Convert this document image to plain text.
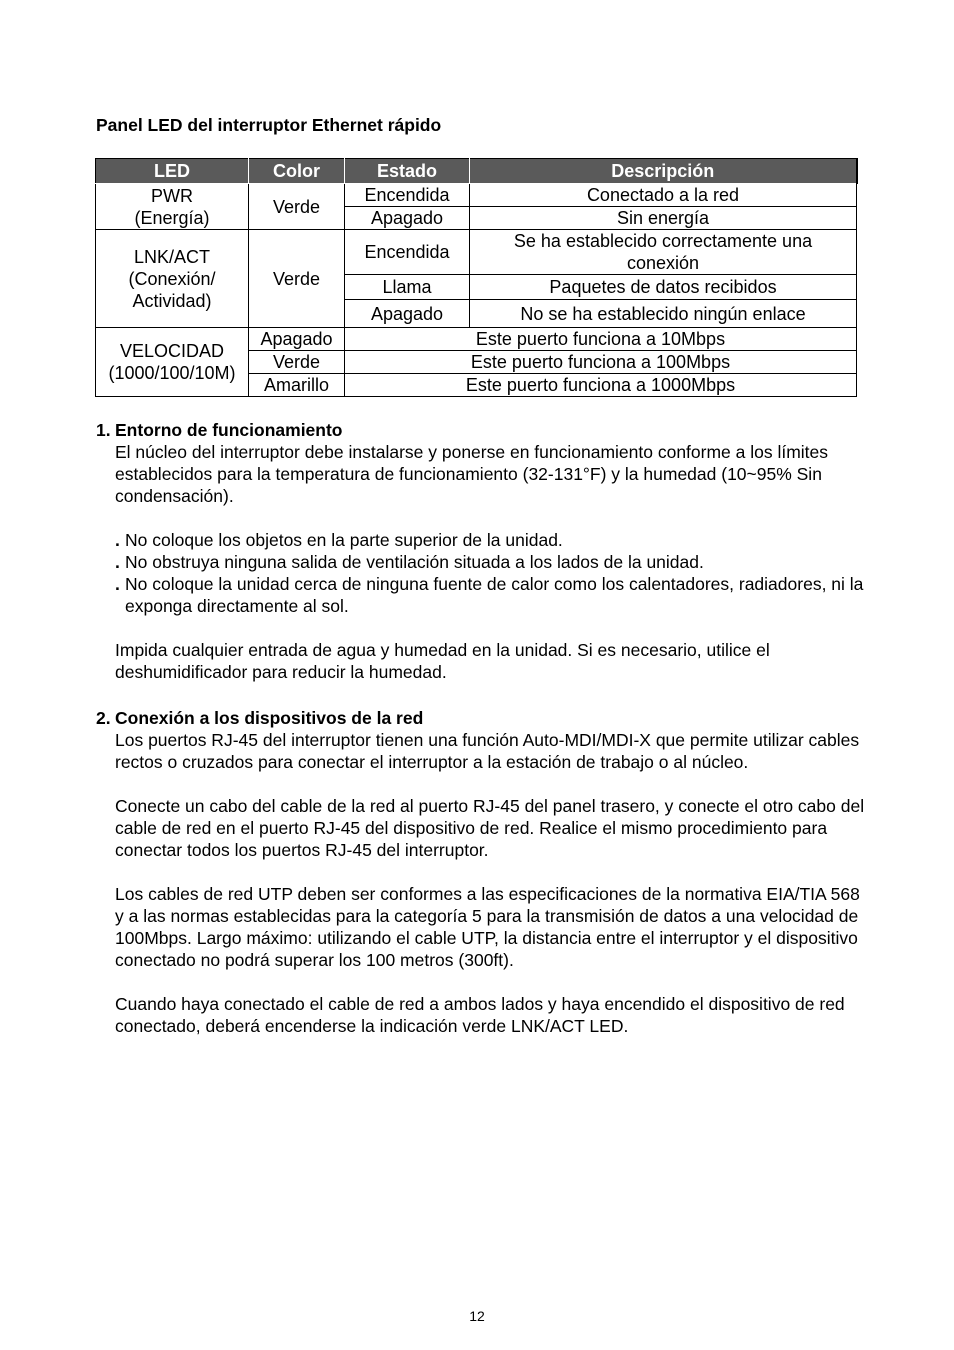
Panel LED del interruptor Ethernet rápido
LED	Color	Estado	Descripción

PWR
(Energía)	Verde	Encendida	Conectado a la red
		Apagado	Sin energía

LNK/ACT
(Conexión/
Actividad)	Verde	Encendida	Se ha establecido correctamente una conexión
		Llama	Paquetes de datos recibidos
		Apagado	No se ha establecido ningún enlace

VELOCIDAD
(1000/100/10M)	Apagado	Este puerto funciona a 10Mbps	
	Verde	Este puerto funciona a 100Mbps	
	Amarillo	Este puerto funciona a 1000Mbps	
1. Entorno de funcionamiento
El núcleo del interruptor debe instalarse y ponerse en funcionamiento conforme a los límites establecidos para la temperatura de funcionamiento (32-131°F) y la humedad (10~95% Sin condensación).
. No coloque los objetos en la parte superior de la unidad.
. No obstruya ninguna salida de ventilación situada a los lados de la unidad.
. No coloque la unidad cerca de ninguna fuente de calor como los calentadores, radiadores, ni la exponga directamente al sol.
Impida cualquier entrada de agua y humedad en la unidad. Si es necesario, utilice el deshumidificador para reducir la humedad.
2. Conexión a los dispositivos de la red
Los puertos RJ-45 del interruptor tienen una función Auto-MDI/MDI-X que permite utilizar cables rectos o cruzados para conectar el interruptor a la estación de trabajo o al núcleo.
Conecte un cabo del cable de la red al puerto RJ-45 del panel trasero, y conecte el otro cabo del cable de red en el puerto RJ-45 del dispositivo de red. Realice el mismo procedimiento para conectar todos los puertos RJ-45 del interruptor.
Los cables de red UTP deben ser conformes a las especificaciones de la normativa EIA/TIA 568 y a las normas establecidas para la categoría 5 para la transmisión de datos a una velocidad de 100Mbps. Largo máximo: utilizando el cable UTP, la distancia entre el interruptor y el dispositivo conectado no podrá superar los 100 metros (300ft).
Cuando haya conectado el cable de red a ambos lados y haya encendido el dispositivo de red conectado, deberá encenderse la indicación verde LNK/ACT LED.
12
